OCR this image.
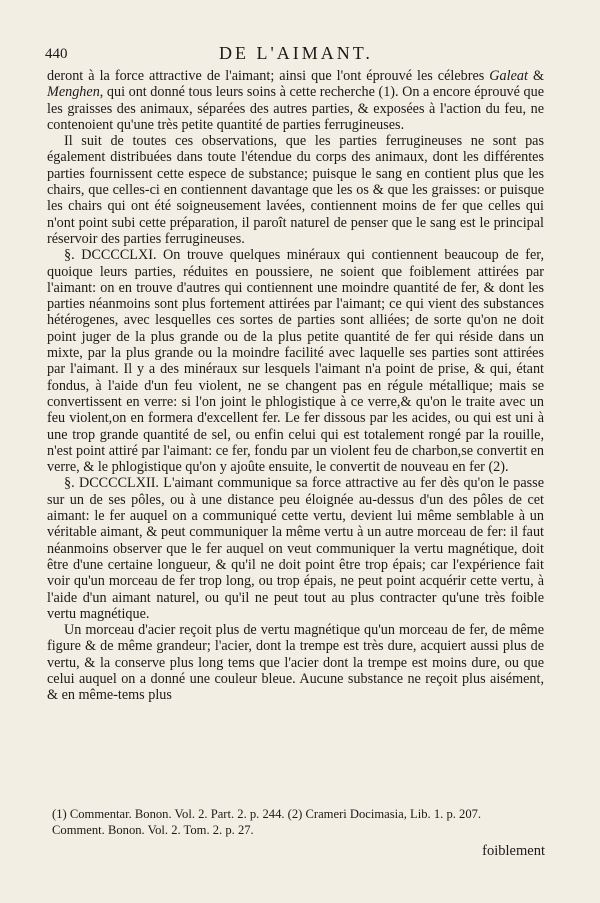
440	DE L'AIMANT.

deront à la force attractive de l'aimant; ainsi que l'ont éprouvé les célebres Galeat & Menghen, qui ont donné tous leurs soins à cette recherche (1). On a encore éprouvé que les graisses des animaux, séparées des autres parties, & exposées à l'action du feu, ne contenoient qu'une très petite quantité de parties ferrugineuses.

Il suit de toutes ces observations, que les parties ferrugineuses ne sont pas également distribuées dans toute l'étendue du corps des animaux, dont les différentes parties fournissent cette espece de substance; puisque le sang en contient plus que les chairs, que celles-ci en contiennent davantage que les os & que les graisses: or puisque les chairs qui ont été soigneusement lavées, contiennent moins de fer que celles qui n'ont point subi cette préparation, il paroît naturel de penser que le sang est le principal réservoir des parties ferrugineuses.

§. DCCCCLXI. On trouve quelques minéraux qui contiennent beaucoup de fer, quoique leurs parties, réduites en poussiere, ne soient que foiblement attirées par l'aimant: on en trouve d'autres qui contiennent une moindre quantité de fer, & dont les parties néanmoins sont plus fortement attirées par l'aimant; ce qui vient des substances hétérogenes, avec lesquelles ces sortes de parties sont alliées; de sorte qu'on ne doit point juger de la plus grande ou de la plus petite quantité de fer qui réside dans un mixte, par la plus grande ou la moindre facilité avec laquelle ses parties sont attirées par l'aimant. Il y a des minéraux sur lesquels l'aimant n'a point de prise, & qui, étant fondus, à l'aide d'un feu violent, ne se changent pas en régule métallique; mais se convertissent en verre: si l'on joint le phlogistique à ce verre,& qu'on le traite avec un feu violent,on en formera d'excellent fer. Le fer dissous par les acides, ou qui est uni à une trop grande quantité de sel, ou enfin celui qui est totalement rongé par la rouille, n'est point attiré par l'aimant: ce fer, fondu par un violent feu de charbon,se convertit en verre, & le phlogistique qu'on y ajoûte ensuite, le convertit de nouveau en fer (2).

§. DCCCCLXII. L'aimant communique sa force attractive au fer dès qu'on le passe sur un de ses pôles, ou à une distance peu éloignée au-dessus d'un des pôles de cet aimant: le fer auquel on a communiqué cette vertu, devient lui même semblable à un véritable aimant, & peut communiquer la même vertu à un autre morceau de fer: il faut néanmoins observer que le fer auquel on veut communiquer la vertu magnétique, doit être d'une certaine longueur, & qu'il ne doit point être trop épais; car l'expérience fait voir qu'un morceau de fer trop long, ou trop épais, ne peut point acquérir cette vertu, à l'aide d'un aimant naturel, ou qu'il ne peut tout au plus contracter qu'une très foible vertu magnétique.

Un morceau d'acier reçoit plus de vertu magnétique qu'un morceau de fer, de même figure & de même grandeur; l'acier, dont la trempe est très dure, acquiert aussi plus de vertu, & la conserve plus long tems que l'acier dont la trempe est moins dure, ou que celui auquel on a donné une couleur bleue. Aucune substance ne reçoit plus aisément, & en même-tems plus

(1) Commentar. Bonon. Vol. 2. Part. 2. p. 244. (2) Crameri Docimasia, Lib. 1. p. 207.

Comment. Bonon. Vol. 2. Tom. 2. p. 27.

foiblement
